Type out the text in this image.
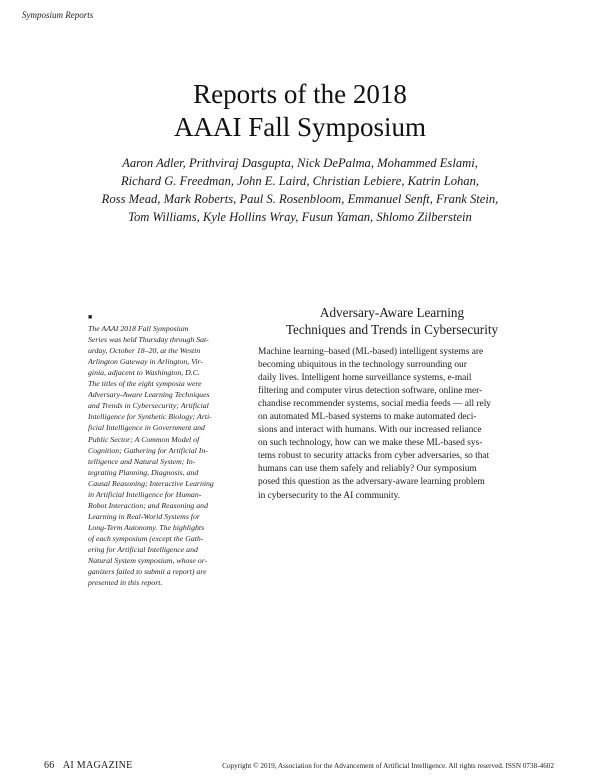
Symposium Reports
Reports of the 2018
AAAI Fall Symposium
Aaron Adler, Prithviraj Dasgupta, Nick DePalma, Mohammed Eslami,
Richard G. Freedman, John E. Laird, Christian Lebiere, Katrin Lohan,
Ross Mead, Mark Roberts, Paul S. Rosenbloom, Emmanuel Senft, Frank Stein,
Tom Williams, Kyle Hollins Wray, Fusun Yaman, Shlomo Zilberstein
■
The AAAI 2018 Fall Symposium
Series was held Thursday through Sat-
urday, October 18–20, at the Westin
Arlington Gateway in Arlington, Vir-
ginia, adjacent to Washington, D.C.
The titles of the eight symposia were
Adversary-Aware Learning Techniques
and Trends in Cybersecurity; Artificial
Intelligence for Synthetic Biology; Arti-
ficial Intelligence in Government and
Public Sector; A Common Model of
Cognition; Gathering for Artificial In-
telligence and Natural System; In-
tegrating Planning, Diagnosis, and
Causal Reasoning; Interactive Learning
in Artificial Intelligence for Human-
Robot Interaction; and Reasoning and
Learning in Real-World Systems for
Long-Term Autonomy. The highlights
of each symposium (except the Gath-
ering for Artificial Intelligence and
Natural System symposium, whose or-
ganizers failed to submit a report) are
presented in this report.
Adversary-Aware Learning
Techniques and Trends in Cybersecurity
Machine learning–based (ML-based) intelligent systems are
becoming ubiquitous in the technology surrounding our
daily lives. Intelligent home surveillance systems, e-mail
filtering and computer virus detection software, online mer-
chandise recommender systems, social media feeds — all rely
on automated ML-based systems to make automated deci-
sions and interact with humans. With our increased reliance
on such technology, how can we make these ML-based sys-
tems robust to security attacks from cyber adversaries, so that
humans can use them safely and reliably? Our symposium
posed this question as the adversary-aware learning problem
in cybersecurity to the AI community.
66 AI MAGAZINE	Copyright © 2019, Association for the Advancement of Artificial Intelligence. All rights reserved. ISSN 0738-4602
